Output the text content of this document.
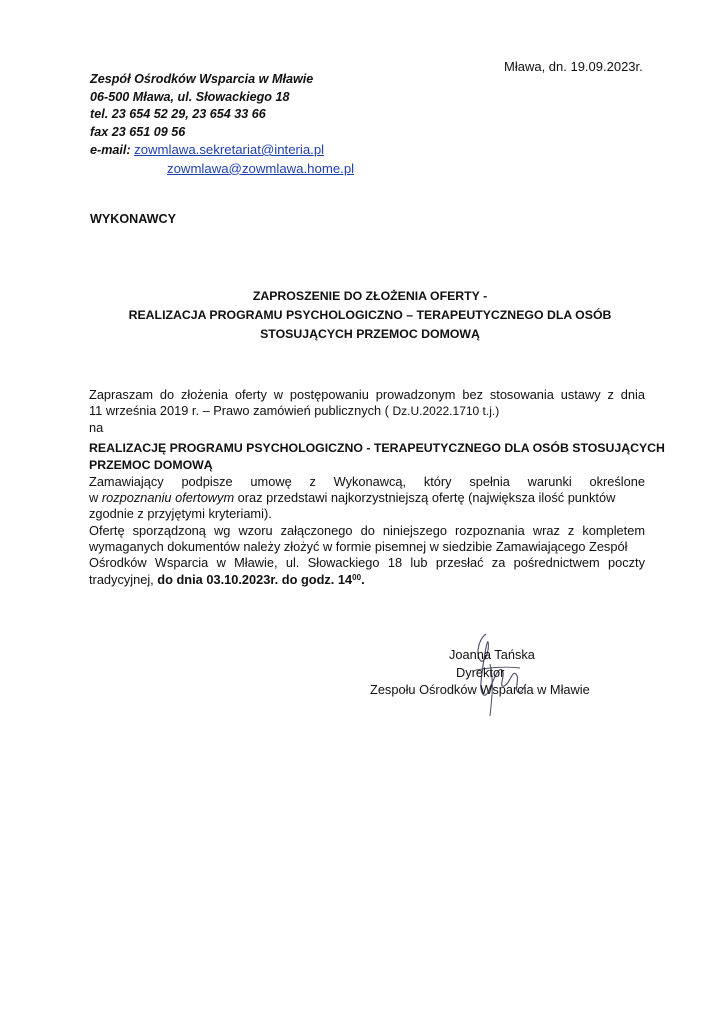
Mława, dn. 19.09.2023r.
Zespół Ośrodków Wsparcia w Mławie
06-500 Mława, ul. Słowackiego 18
tel. 23 654 52 29, 23 654 33 66
fax 23 651 09 56
e-mail: zowmlawa.sekretariat@interia.pl
zowmlawa@zowmlawa.home.pl
WYKONAWCY
ZAPROSZENIE DO ZŁOŻENIA OFERTY -
REALIZACJA PROGRAMU PSYCHOLOGICZNO – TERAPEUTYCZNEGO DLA OSÓB
STOSUJĄCYCH PRZEMOC DOMOWĄ
Zapraszam do złożenia oferty w postępowaniu prowadzonym bez stosowania ustawy z dnia
11 września 2019 r. – Prawo zamówień publicznych ( Dz.U.2022.1710 t.j.)
na
REALIZACJĘ PROGRAMU PSYCHOLOGICZNO - TERAPEUTYCZNEGO DLA OSÓB STOSUJĄCYCH
PRZEMOC DOMOWĄ
Zamawiający podpisze umowę z Wykonawcą, który spełnia warunki określone
w rozpoznaniu ofertowym oraz przedstawi najkorzystniejszą ofertę (największa ilość punktów
zgodnie z przyjętymi kryteriami).
Ofertę sporządzoną wg wzoru załączonego do niniejszego rozpoznania wraz z kompletem
wymaganych dokumentów należy złożyć w formie pisemnej w siedzibie Zamawiającego Zespół
Ośrodków Wsparcia w Mławie, ul. Słowackiego 18 lub przesłać za pośrednictwem poczty
tradycyjnej, do dnia 03.10.2023r. do godz. $14^{00}$.
Joanna Tańska
Dyrektor
Zespołu Ośrodków Wsparcia w Mławie
